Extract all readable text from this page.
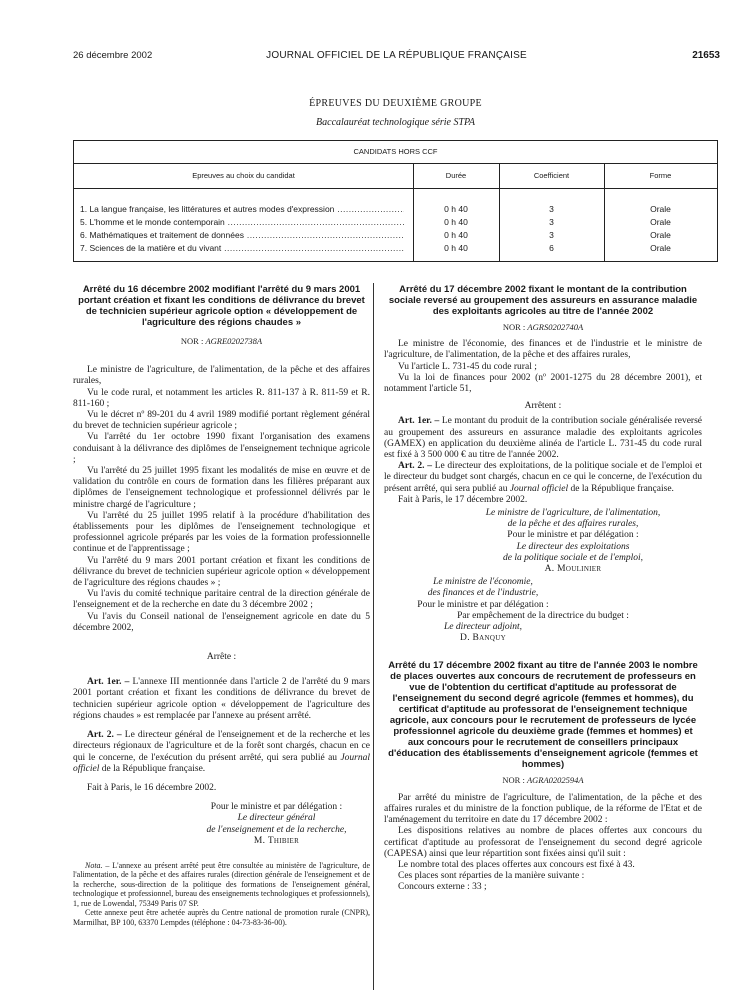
26 décembre 2002	JOURNAL OFFICIEL DE LA RÉPUBLIQUE FRANÇAISE	21653
ÉPREUVES DU DEUXIÈME GROUPE
Baccalauréat technologique série STPA
CANDIDATS HORS CCF
Epreuves au choix du candidat	Durée	Coefficient	Forme
1. La langue française, les littératures et autres modes d'expression .....	0 h 40	3	Orale
5. L'homme et le monde contemporain .....	0 h 40	3	Orale
6. Mathématiques et traitement de données .....	0 h 40	3	Orale
7. Sciences de la matière et du vivant .....	0 h 40	6	Orale
Arrêté du 16 décembre 2002 modifiant l'arrêté du 9 mars 2001 portant création et fixant les conditions de délivrance du brevet de technicien supérieur agricole option « développement de l'agriculture des régions chaudes »
NOR : AGRE0202738A

Le ministre de l'agriculture, de l'alimentation, de la pêche et des affaires rurales,

Vu le code rural, et notamment les articles R. 811-137 à R. 811-59 et R. 811-160 ;

Vu le décret nº 89-201 du 4 avril 1989 modifié portant règlement général du brevet de technicien supérieur agricole ;

Vu l'arrêté du 1er octobre 1990 fixant l'organisation des examens conduisant à la délivrance des diplômes de l'enseignement technique agricole ;

Vu l'arrêté du 25 juillet 1995 fixant les modalités de mise en œuvre et de validation du contrôle en cours de formation dans les filières préparant aux diplômes de l'enseignement technologique et professionnel délivrés par le ministre chargé de l'agriculture ;

Vu l'arrêté du 25 juillet 1995 relatif à la procédure d'habilitation des établissements pour les diplômes de l'enseignement technologique et professionnel agricole préparés par les voies de la formation professionnelle continue et de l'apprentissage ;

Vu l'arrêté du 9 mars 2001 portant création et fixant les conditions de délivrance du brevet de technicien supérieur agricole option « développement de l'agriculture des régions chaudes » ;

Vu l'avis du comité technique paritaire central de la direction générale de l'enseignement et de la recherche en date du 3 décembre 2002 ;

Vu l'avis du Conseil national de l'enseignement agricole en date du 5 décembre 2002,

Arrête :

Art. 1er. – L'annexe III mentionnée dans l'article 2 de l'arrêté du 9 mars 2001 portant création et fixant les conditions de délivrance du brevet de technicien supérieur agricole option « développement de l'agriculture des régions chaudes » est remplacée par l'annexe au présent arrêté.

Art. 2. – Le directeur général de l'enseignement et de la recherche et les directeurs régionaux de l'agriculture et de la forêt sont chargés, chacun en ce qui le concerne, de l'exécution du présent arrêté, qui sera publié au Journal officiel de la République française.

Fait à Paris, le 16 décembre 2002.

Pour le ministre et par délégation :
Le directeur général
de l'enseignement et de la recherche,
M. Thibier

Nota. – L'annexe au présent arrêté peut être consultée au ministère de l'agriculture, de l'alimentation, de la pêche et des affaires rurales (direction générale de l'enseignement et de la recherche, sous-direction de la politique des formations de l'enseignement général, technologique et professionnel, bureau des enseignements technologiques et professionnels), 1, rue de Lowendal, 75349 Paris 07 SP.

Cette annexe peut être achetée auprès du Centre national de promotion rurale (CNPR), Marmilhat, BP 100, 63370 Lempdes (téléphone : 04-73-83-36-00).

Arrêté du 17 décembre 2002 fixant le montant de la contribution sociale reversé au groupement des assureurs en assurance maladie des exploitants agricoles au titre de l'année 2002
NOR : AGRS0202740A

Le ministre de l'économie, des finances et de l'industrie et le ministre de l'agriculture, de l'alimentation, de la pêche et des affaires rurales,

Vu l'article L. 731-45 du code rural ;

Vu la loi de finances pour 2002 (nº 2001-1275 du 28 décembre 2001), et notamment l'article 51,

Arrêtent :

Art. 1er. – Le montant du produit de la contribution sociale généralisée reversé au groupement des assureurs en assurance maladie des exploitants agricoles (GAMEX) en application du deuxième alinéa de l'article L. 731-45 du code rural est fixé à 3 500 000 € au titre de l'année 2002.

Art. 2. – Le directeur des exploitations, de la politique sociale et de l'emploi et le directeur du budget sont chargés, chacun en ce qui le concerne, de l'exécution du présent arrêté, qui sera publié au Journal officiel de la République française.

Fait à Paris, le 17 décembre 2002.

Le ministre de l'agriculture, de l'alimentation,
de la pêche et des affaires rurales,
Pour le ministre et par délégation :
Le directeur des exploitations
de la politique sociale et de l'emploi,
A. Moulinier
Le ministre de l'économie,
des finances et de l'industrie,
Pour le ministre et par délégation :
Par empêchement de la directrice du budget :
Le directeur adjoint,
D. Banquy
Arrêté du 17 décembre 2002 fixant au titre de l'année 2003 le nombre de places ouvertes aux concours de recrutement de professeurs en vue de l'obtention du certificat d'aptitude au professorat de l'enseignement du second degré agricole (femmes et hommes), du certificat d'aptitude au professorat de l'enseignement technique agricole, aux concours pour le recrutement de professeurs de lycée professionnel agricole du deuxième grade (femmes et hommes) et aux concours pour le recrutement de conseillers principaux d'éducation des établissements d'enseignement agricole (femmes et hommes)
NOR : AGRA0202594A

Par arrêté du ministre de l'agriculture, de l'alimentation, de la pêche et des affaires rurales et du ministre de la fonction publique, de la réforme de l'Etat et de l'aménagement du territoire en date du 17 décembre 2002 :

Les dispositions relatives au nombre de places offertes aux concours du certificat d'aptitude au professorat de l'enseignement du second degré agricole (CAPESA) ainsi que leur répartition sont fixées ainsi qu'il suit :

Le nombre total des places offertes aux concours est fixé à 43.

Ces places sont réparties de la manière suivante :

Concours externe : 33 ;
